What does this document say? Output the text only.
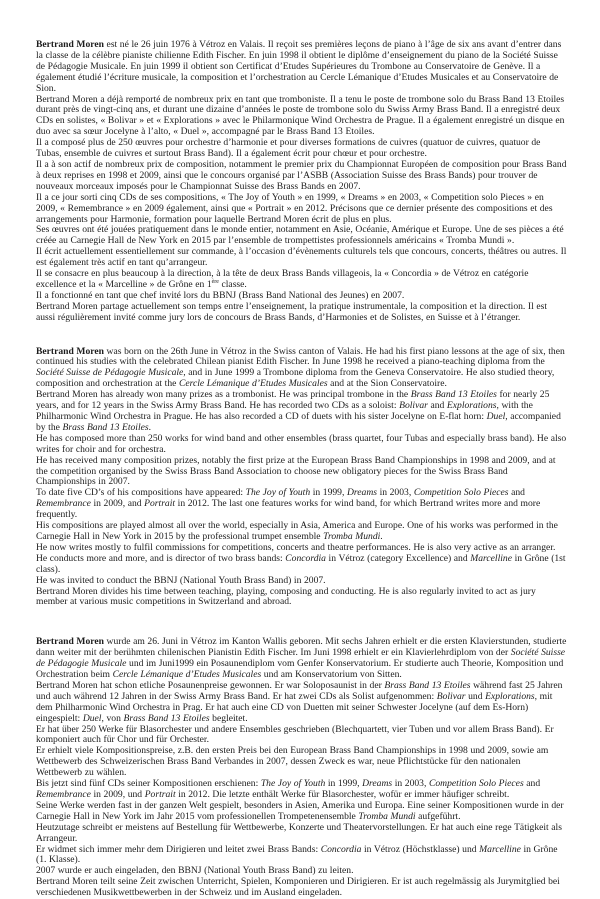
Bertrand Moren est né le 26 juin 1976 à Vétroz en Valais. Il reçoit ses premières leçons de piano à l’âge de six ans avant d’entrer dans la classe de la célèbre pianiste chilienne Edith Fischer. En juin 1998 il obtient le diplôme d’enseignement du piano de la Société Suisse de Pédagogie Musicale. En juin 1999 il obtient son Certificat d’Etudes Supérieures du Trombone au Conservatoire de Genève. Il a également étudié l’écriture musicale, la composition et l’orchestration au Cercle Lémanique d’Etudes Musicales et au Conservatoire de Sion.

Bertrand Moren a déjà remporté de nombreux prix en tant que tromboniste. Il a tenu le poste de trombone solo du Brass Band 13 Etoiles durant près de vingt-cinq ans, et durant une dizaine d’années le poste de trombone solo du Swiss Army Brass Band. Il a enregistré deux CDs en solistes, « Bolivar » et « Explorations » avec le Philarmonique Wind Orchestra de Prague. Il a également enregistré un disque en duo avec sa sœur Jocelyne à l’alto, « Duel », accompagné par le Brass Band 13 Etoiles.

Il a composé plus de 250 œuvres pour orchestre d’harmonie et pour diverses formations de cuivres (quatuor de cuivres, quatuor de Tubas, ensemble de cuivres et surtout Brass Band). Il a également écrit pour chœur et pour orchestre.

Il a à son actif de nombreux prix de composition, notamment le premier prix du Championnat Européen de composition pour Brass Band à deux reprises en 1998 et 2009, ainsi que le concours organisé par l’ASBB (Association Suisse des Brass Bands) pour trouver de nouveaux morceaux imposés pour le Championnat Suisse des Brass Bands en 2007.

Il a ce jour sorti cinq CDs de ses compositions, « The Joy of Youth » en 1999, « Dreams » en 2003, « Competition solo Pieces » en 2009, « Remembrance » en 2009 également, ainsi que « Portrait » en 2012. Précisons que ce dernier présente des compositions et des arrangements pour Harmonie, formation pour laquelle Bertrand Moren écrit de plus en plus.

Ses œuvres ont été jouées pratiquement dans le monde entier, notamment en Asie, Océanie, Amérique et Europe. Une de ses pièces a été créée au Carnegie Hall de New York en 2015 par l’ensemble de trompettistes professionnels américains « Tromba Mundi ».

Il écrit actuellement essentiellement sur commande, à l’occasion d’évènements culturels tels que concours, concerts, théâtres ou autres. Il est également très actif en tant qu’arrangeur.

Il se consacre en plus beaucoup à la direction, à la tête de deux Brass Bands villageois, la « Concordia » de Vétroz en catégorie excellence et la « Marcelline » de Grône en 1ère classe.

Il a fonctionné en tant que chef invité lors du BBNJ (Brass Band National des Jeunes) en 2007.

Bertrand Moren partage actuellement son temps entre l’enseignement, la pratique instrumentale, la composition et la direction. Il est aussi régulièrement invité comme jury lors de concours de Brass Bands, d’Harmonies et de Solistes, en Suisse et à l’étranger.

Bertrand Moren was born on the 26th June in Vétroz in the Swiss canton of Valais. He had his first piano lessons at the age of six, then continued his studies with the celebrated Chilean pianist Edith Fischer. In June 1998 he received a piano-teaching diploma from the Société Suisse de Pédagogie Musicale, and in June 1999 a Trombone diploma from the Geneva Conservatoire. He also studied theory, composition and orchestration at the Cercle Lémanique d’Etudes Musicales and at the Sion Conservatoire.

Bertrand Moren has already won many prizes as a trombonist. He was principal trombone in the Brass Band 13 Etoiles for nearly 25 years, and for 12 years in the Swiss Army Brass Band. He has recorded two CDs as a soloist: Bolivar and Explorations, with the Philharmonic Wind Orchestra in Prague. He has also recorded a CD of duets with his sister Jocelyne on E-flat horn: Duel, accompanied by the Brass Band 13 Etoiles.

He has composed more than 250 works for wind band and other ensembles (brass quartet, four Tubas and especially brass band). He also writes for choir and for orchestra.

He has received many composition prizes, notably the first prize at the European Brass Band Championships in 1998 and 2009, and at the competition organised by the Swiss Brass Band Association to choose new obligatory pieces for the Swiss Brass Band Championships in 2007.

To date five CD’s of his compositions have appeared: The Joy of Youth in 1999, Dreams in 2003, Competition Solo Pieces and Remembrance in 2009, and Portrait in 2012. The last one features works for wind band, for which Bertrand writes more and more frequently.

His compositions are played almost all over the world, especially in Asia, America and Europe. One of his works was performed in the Carnegie Hall in New York in 2015 by the professional trumpet ensemble Tromba Mundi.

He now writes mostly to fulfil commissions for competitions, concerts and theatre performances. He is also very active as an arranger.

He conducts more and more, and is director of two brass bands: Concordia in Vétroz (category Excellence) and Marcelline in Grône (1st class).

He was invited to conduct the BBNJ (National Youth Brass Band) in 2007.

Bertrand Moren divides his time between teaching, playing, composing and conducting. He is also regularly invited to act as jury member at various music competitions in Switzerland and abroad.

Bertrand Moren wurde am 26. Juni in Vétroz im Kanton Wallis geboren. Mit sechs Jahren erhielt er die ersten Klavierstunden, studierte dann weiter mit der berühmten chilenischen Pianistin Edith Fischer. Im Juni 1998 erhielt er ein Klavierlehrdiplom von der Société Suisse de Pédagogie Musicale und im Juni1999 ein Posaunendiplom vom Genfer Konservatorium. Er studierte auch Theorie, Komposition und Orchestration beim Cercle Lémanique d’Etudes Musicales und am Konservatorium von Sitten.

Bertrand Moren hat schon etliche Posaunenpreise gewonnen. Er war Soloposaunist in der Brass Band 13 Etoiles während fast 25 Jahren und auch während 12 Jahren in der Swiss Army Brass Band. Er hat zwei CDs als Solist aufgenommen: Bolivar und Explorations, mit dem Philharmonic Wind Orchestra in Prag. Er hat auch eine CD von Duetten mit seiner Schwester Jocelyne (auf dem Es-Horn) eingespielt: Duel, von Brass Band 13 Etoiles begleitet.

Er hat über 250 Werke für Blasorchester und andere Ensembles geschrieben (Blechquartett, vier Tuben und vor allem Brass Band). Er komponiert auch für Chor und für Orchester.

Er erhielt viele Kompositionspreise, z.B. den ersten Preis bei den European Brass Band Championships in 1998 und 2009, sowie am Wettbewerb des Schweizerischen Brass Band Verbandes in 2007, dessen Zweck es war, neue Pflichtstücke für den nationalen Wettbewerb zu wählen.

Bis jetzt sind fünf CDs seiner Kompositionen erschienen: The Joy of Youth in 1999, Dreams in 2003, Competition Solo Pieces and Remembrance in 2009, und Portrait in 2012. Die letzte enthält Werke für Blasorchester, wofür er immer häufiger schreibt.

Seine Werke werden fast in der ganzen Welt gespielt, besonders in Asien, Amerika und Europa. Eine seiner Kompositionen wurde in der Carnegie Hall in New York im Jahr 2015 vom professionellen Trompetenensemble Tromba Mundi aufgeführt.

Heutzutage schreibt er meistens auf Bestellung für Wettbewerbe, Konzerte und Theatervorstellungen. Er hat auch eine rege Tätigkeit als Arrangeur.

Er widmet sich immer mehr dem Dirigieren und leitet zwei Brass Bands: Concordia in Vétroz (Höchstklasse) und Marcelline in Grône (1. Klasse).

2007 wurde er auch eingeladen, den BBNJ (National Youth Brass Band) zu leiten.

Bertrand Moren teilt seine Zeit zwischen Unterricht, Spielen, Komponieren und Dirigieren. Er ist auch regelmässig als Jurymitglied bei verschiedenen Musikwettbewerben in der Schweiz und im Ausland eingeladen.
